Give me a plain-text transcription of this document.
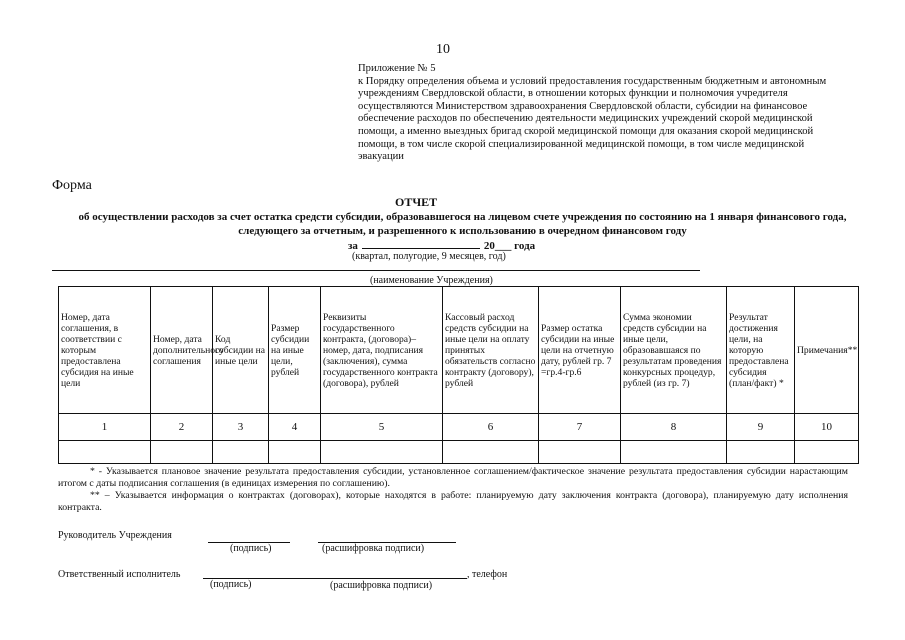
10
Приложение № 5
к Порядку определения объема и условий предоставления государственным бюджетным и автономным учреждениям Свердловской области, в отношении которых функции и полномочия учредителя осуществляются Министерством здравоохранения Свердловской области, субсидии на финансовое обеспечение расходов по обеспечению деятельности медицинских учреждений скорой медицинской помощи, а именно выездных бригад скорой медицинской помощи для оказания скорой медицинской помощи, в том числе скорой специализированной медицинской помощи, в том числе медицинской эвакуации
Форма
ОТЧЕТ
об осуществлении расходов за счет остатка средсти субсидии, образовавшегося на лицевом счете учреждения по состоянию на 1 января финансового года, следующего за отчетным, и разрешенного к использованию в очередном финансовом году
за	20___ года
(квартал, полугодие, 9 месяцев, год)
(наименование Учреждения)
Номер, дата соглашения, в соответствии с которым предоставлена субсидия на иные цели	Номер, дата дополнительного соглашения	Код субсидии на иные цели	Размер субсидии на иные цели, рублей	Реквизиты государственного контракта, (договора)– номер, дата, подписания (заключения), сумма государственного контракта (договора), рублей	Кассовый расход средств субсидии на иные цели на оплату принятых обязательств согласно контракту (договору), рублей	Размер остатка субсидии на иные цели на отчетную дату, рублей гр. 7 =гр.4-гр.6	Сумма экономии средств субсидии на иные цели, образовавшаяся по результатам проведения конкурсных процедур, рублей (из гр. 7)	Результат достижения цели, на которую предоставлена субсидия (план/факт) *	Примечания**
1	2	3	4	5	6	7	8	9	10

* - Указывается плановое значение результата предоставления субсидии, установленное соглашением/фактическое значение результата предоставления субсидии нарастающим итогом с даты подписания соглашения (в единицах измерения по соглашению).
** – Указывается информация о контрактах (договорах), которые находятся в работе: планируемую дату заключения контракта (договора), планируемую дату исполнения контракта.
Руководитель Учреждения
(подпись)	(расшифровка подписи)
Ответственный исполнитель	, телефон
(подпись)	(расшифровка подписи)
